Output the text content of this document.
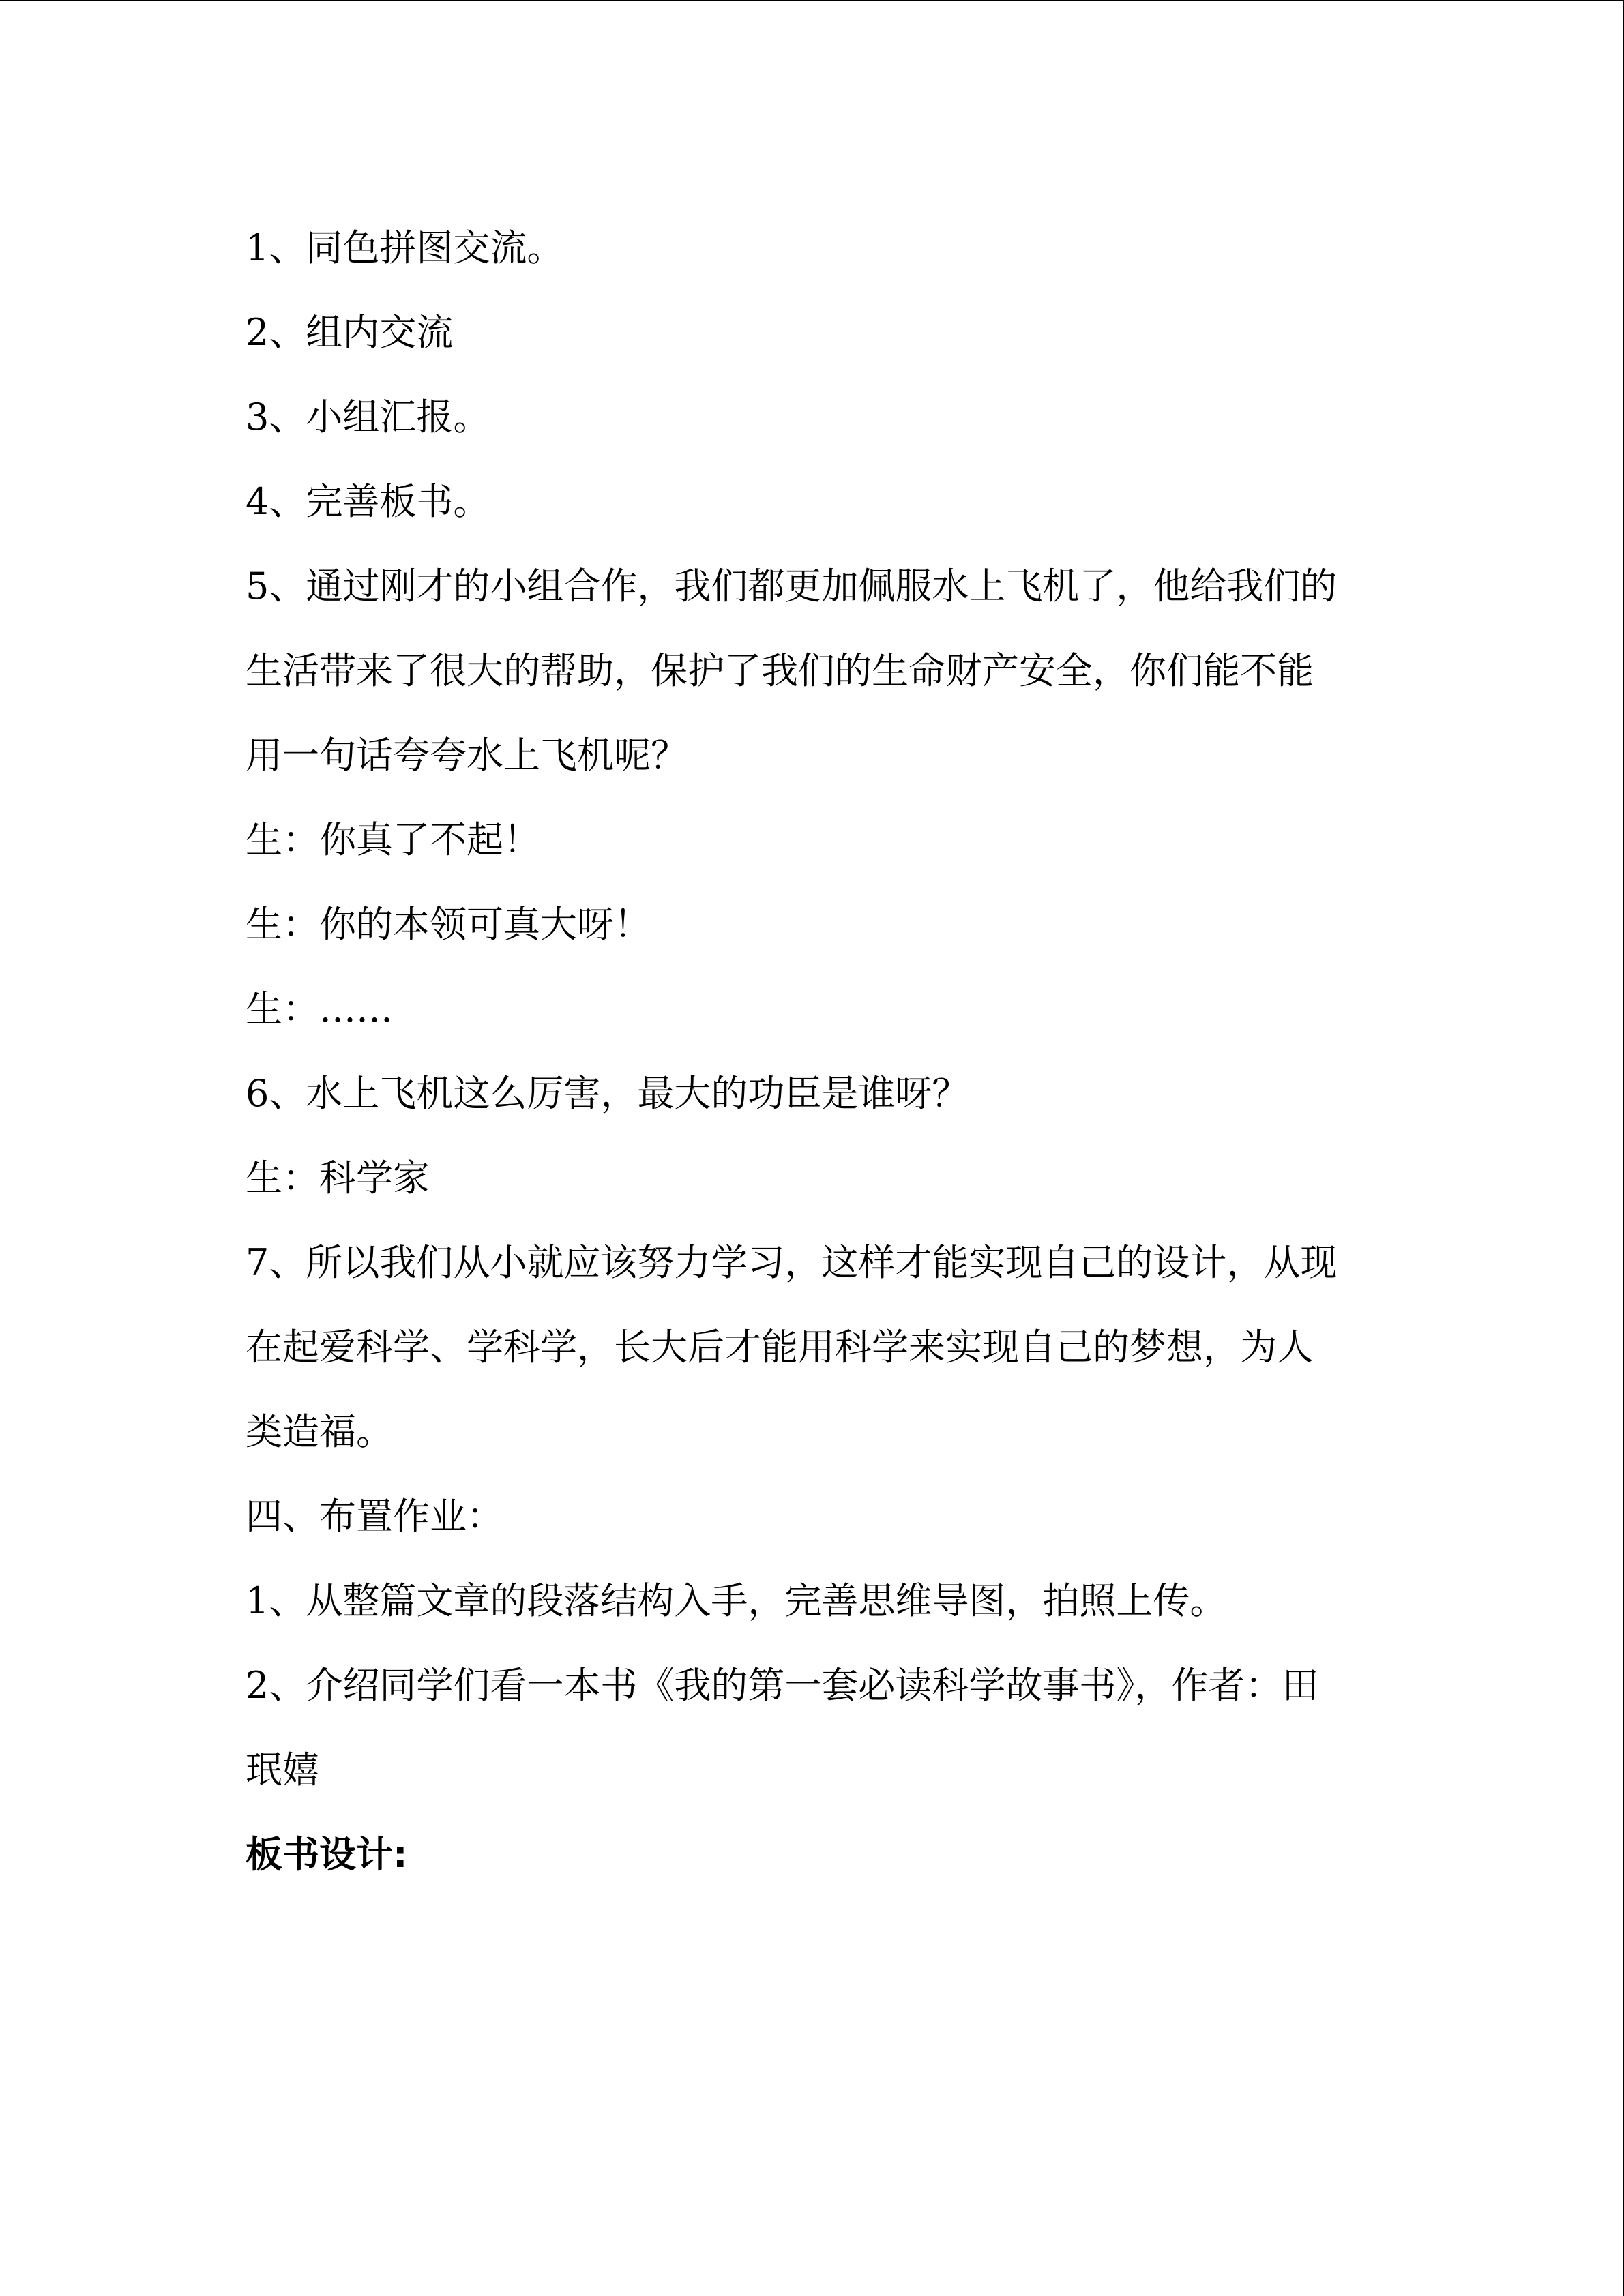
1、同色拼图交流。
2、组内交流
3、小组汇报。
4、完善板书。
5、通过刚才的小组合作，我们都更加佩服水上飞机了，他给我们的
生活带来了很大的帮助，保护了我们的生命财产安全，你们能不能
用一句话夸夸水上飞机呢？
生：你真了不起！
生：你的本领可真大呀！
生：……
6、水上飞机这么厉害，最大的功臣是谁呀？
生：科学家
7、所以我们从小就应该努力学习，这样才能实现自己的设计，从现
在起爱科学、学科学，长大后才能用科学来实现自己的梦想，为人
类造福。
四、布置作业：
1、从整篇文章的段落结构入手，完善思维导图，拍照上传。
2、介绍同学们看一本书《我的第一套必读科学故事书》，作者：田
珉嬉
板书设计:
